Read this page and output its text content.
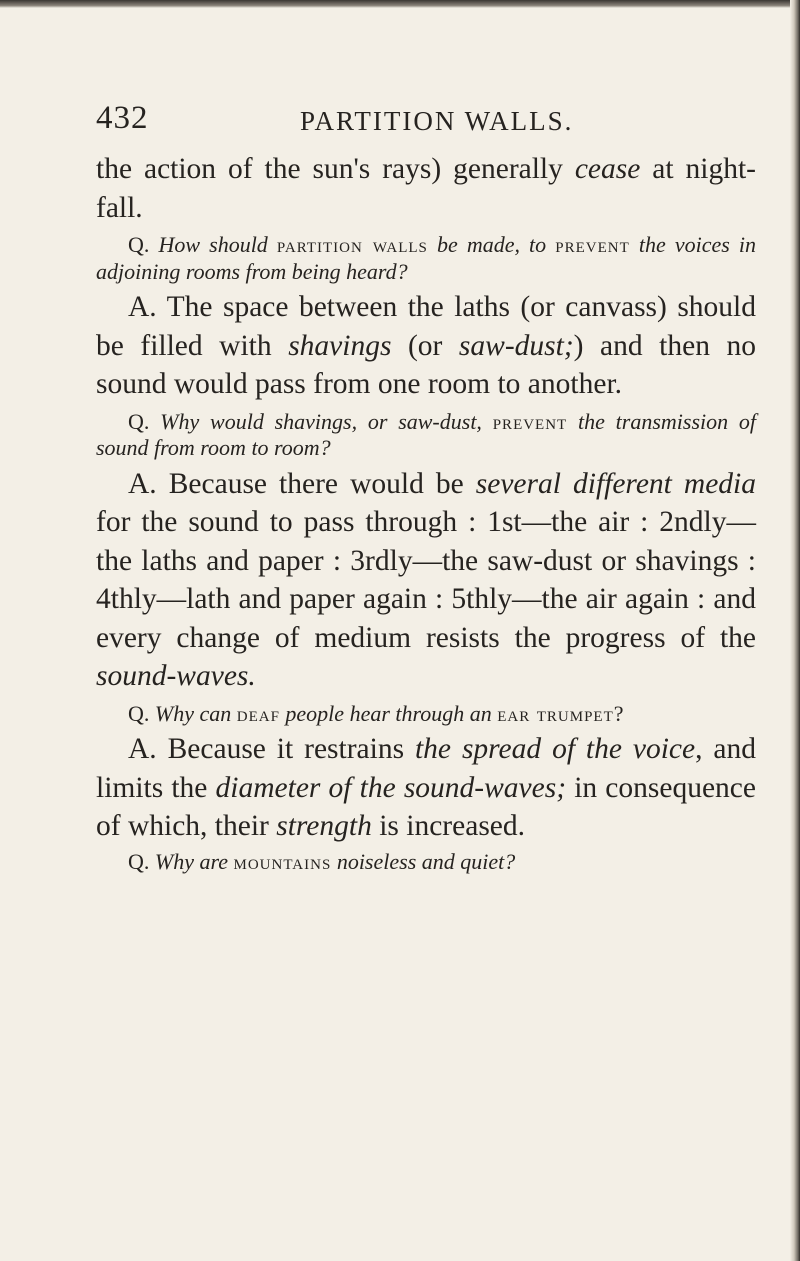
432	PARTITION WALLS.

the action of the sun's rays) generally cease at night-fall.

Q. How should partition walls be made, to prevent the voices in adjoining rooms from being heard?

A. The space between the laths (or canvass) should be filled with shavings (or saw-dust;) and then no sound would pass from one room to another.

Q. Why would shavings, or saw-dust, prevent the transmission of sound from room to room?

A. Because there would be several different media for the sound to pass through : 1st—the air : 2ndly—the laths and paper : 3rdly—the saw-dust or shavings : 4thly—lath and paper again : 5thly—the air again : and every change of medium resists the progress of the sound-waves.

Q. Why can deaf people hear through an ear trumpet?

A. Because it restrains the spread of the voice, and limits the diameter of the sound-waves; in consequence of which, their strength is increased.

Q. Why are mountains noiseless and quiet?
